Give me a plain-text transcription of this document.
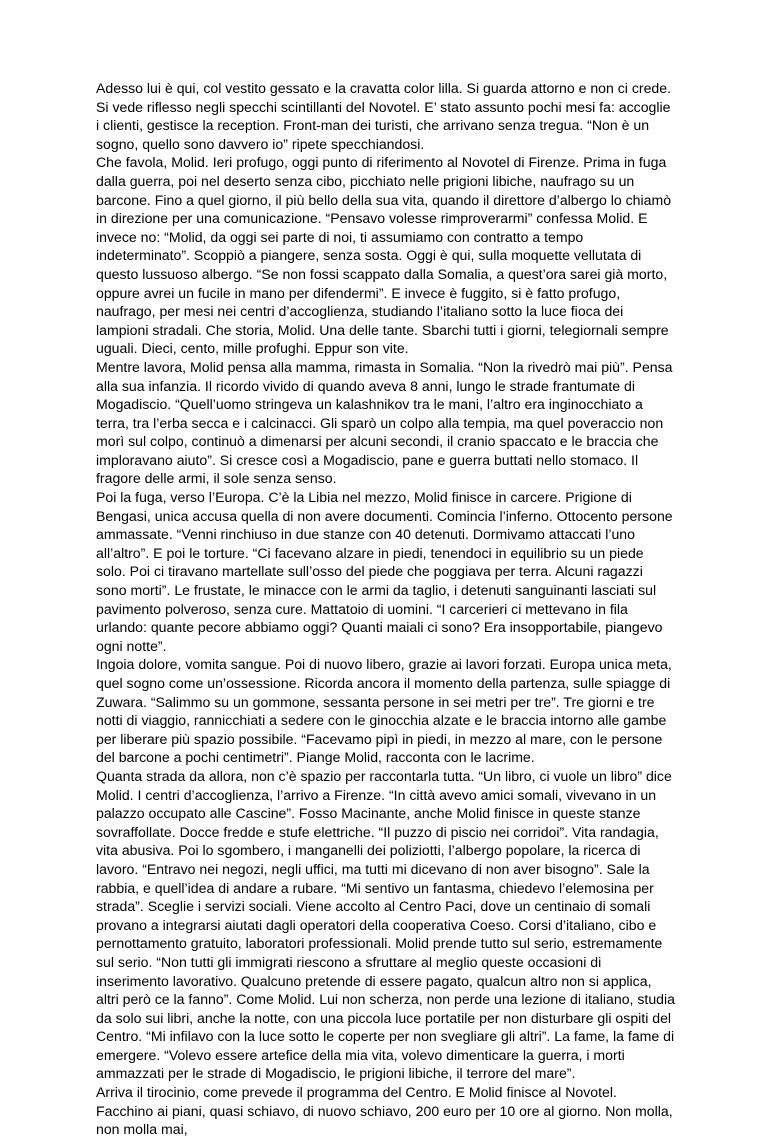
Adesso lui è qui, col vestito gessato e la cravatta color lilla. Si guarda attorno e non ci crede. Si vede riflesso negli specchi scintillanti del Novotel. E’ stato assunto pochi mesi fa: accoglie i clienti, gestisce la reception. Front-man dei turisti, che arrivano senza tregua. “Non è un sogno, quello sono davvero io” ripete specchiandosi.

Che favola, Molid. Ieri profugo, oggi punto di riferimento al Novotel di Firenze. Prima in fuga dalla guerra, poi nel deserto senza cibo, picchiato nelle prigioni libiche, naufrago su un barcone. Fino a quel giorno, il più bello della sua vita, quando il direttore d’albergo lo chiamò in direzione per una comunicazione. “Pensavo volesse rimproverarmi” confessa Molid. E invece no: “Molid, da oggi sei parte di noi, ti assumiamo con contratto a tempo indeterminato”. Scoppiò a piangere, senza sosta. Oggi è qui, sulla moquette vellutata di questo lussuoso albergo. “Se non fossi scappato dalla Somalia, a quest’ora sarei già morto, oppure avrei un fucile in mano per difendermi”. E invece è fuggito, si è fatto profugo, naufrago, per mesi nei centri d’accoglienza, studiando l’italiano sotto la luce fioca dei lampioni stradali. Che storia, Molid. Una delle tante. Sbarchi tutti i giorni, telegiornali sempre uguali. Dieci, cento, mille profughi. Eppur son vite.

Mentre lavora, Molid pensa alla mamma, rimasta in Somalia. “Non la rivedrò mai più”. Pensa alla sua infanzia. Il ricordo vivido di quando aveva 8 anni, lungo le strade frantumate di Mogadiscio. “Quell’uomo stringeva un kalashnikov tra le mani, l’altro era inginocchiato a terra, tra l’erba secca e i calcinacci. Gli sparò un colpo alla tempia, ma quel poveraccio non morì sul colpo, continuò a dimenarsi per alcuni secondi, il cranio spaccato e le braccia che imploravano aiuto”. Si cresce così a Mogadiscio, pane e guerra buttati nello stomaco. Il fragore delle armi, il sole senza senso.

Poi la fuga, verso l’Europa. C’è la Libia nel mezzo, Molid finisce in carcere. Prigione di Bengasi, unica accusa quella di non avere documenti. Comincia l’inferno. Ottocento persone ammassate. “Venni rinchiuso in due stanze con 40 detenuti. Dormivamo attaccati l’uno all’altro”. E poi le torture. “Ci facevano alzare in piedi, tenendoci in equilibrio su un piede solo. Poi ci tiravano martellate sull’osso del piede che poggiava per terra. Alcuni ragazzi sono morti”. Le frustate, le minacce con le armi da taglio, i detenuti sanguinanti lasciati sul pavimento polveroso, senza cure. Mattatoio di uomini. “I carcerieri ci mettevano in fila urlando: quante pecore abbiamo oggi? Quanti maiali ci sono? Era insopportabile, piangevo ogni notte”.

Ingoia dolore, vomita sangue. Poi di nuovo libero, grazie ai lavori forzati. Europa unica meta, quel sogno come un’ossessione. Ricorda ancora il momento della partenza, sulle spiagge di Zuwara. “Salimmo su un gommone, sessanta persone in sei metri per tre”. Tre giorni e tre notti di viaggio, rannicchiati a sedere con le ginocchia alzate e le braccia intorno alle gambe per liberare più spazio possibile. “Facevamo pipì in piedi, in mezzo al mare, con le persone del barcone a pochi centimetri”. Piange Molid, racconta con le lacrime.

Quanta strada da allora, non c’è spazio per raccontarla tutta. “Un libro, ci vuole un libro” dice Molid. I centri d’accoglienza, l’arrivo a Firenze. “In città avevo amici somali, vivevano in un palazzo occupato alle Cascine”. Fosso Macinante, anche Molid finisce in queste stanze sovraffollate. Docce fredde e stufe elettriche. “Il puzzo di piscio nei corridoi”. Vita randagia, vita abusiva. Poi lo sgombero, i manganelli dei poliziotti, l’albergo popolare, la ricerca di lavoro. “Entravo nei negozi, negli uffici, ma tutti mi dicevano di non aver bisogno”. Sale la rabbia, e quell’idea di andare a rubare. “Mi sentivo un fantasma, chiedevo l’elemosina per strada”. Sceglie i servizi sociali. Viene accolto al Centro Paci, dove un centinaio di somali provano a integrarsi aiutati dagli operatori della cooperativa Coeso. Corsi d’italiano, cibo e pernottamento gratuito, laboratori professionali. Molid prende tutto sul serio, estremamente sul serio. “Non tutti gli immigrati riescono a sfruttare al meglio queste occasioni di inserimento lavorativo. Qualcuno pretende di essere pagato, qualcun altro non si applica, altri però ce la fanno”. Come Molid. Lui non scherza, non perde una lezione di italiano, studia da solo sui libri, anche la notte, con una piccola luce portatile per non disturbare gli ospiti del Centro. “Mi infilavo con la luce sotto le coperte per non svegliare gli altri”. La fame, la fame di emergere. “Volevo essere artefice della mia vita, volevo dimenticare la guerra, i morti ammazzati per le strade di Mogadiscio, le prigioni libiche, il terrore del mare”.

Arriva il tirocinio, come prevede il programma del Centro. E Molid finisce al Novotel. Facchino ai piani, quasi schiavo, di nuovo schiavo, 200 euro per 10 ore al giorno. Non molla, non molla mai,
